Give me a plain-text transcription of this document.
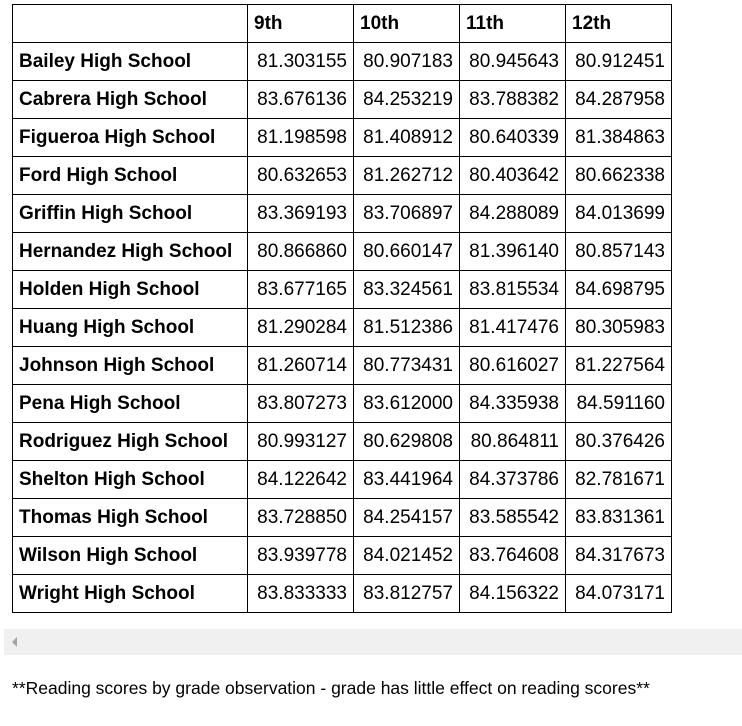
	9th	10th	11th	12th
Bailey High School	81.303155	80.907183	80.945643	80.912451
Cabrera High School	83.676136	84.253219	83.788382	84.287958
Figueroa High School	81.198598	81.408912	80.640339	81.384863
Ford High School	80.632653	81.262712	80.403642	80.662338
Griffin High School	83.369193	83.706897	84.288089	84.013699
Hernandez High School	80.866860	80.660147	81.396140	80.857143
Holden High School	83.677165	83.324561	83.815534	84.698795
Huang High School	81.290284	81.512386	81.417476	80.305983
Johnson High School	81.260714	80.773431	80.616027	81.227564
Pena High School	83.807273	83.612000	84.335938	84.591160
Rodriguez High School	80.993127	80.629808	80.864811	80.376426
Shelton High School	84.122642	83.441964	84.373786	82.781671
Thomas High School	83.728850	84.254157	83.585542	83.831361
Wilson High School	83.939778	84.021452	83.764608	84.317673
Wright High School	83.833333	83.812757	84.156322	84.073171
**Reading scores by grade observation - grade has little effect on reading scores**
